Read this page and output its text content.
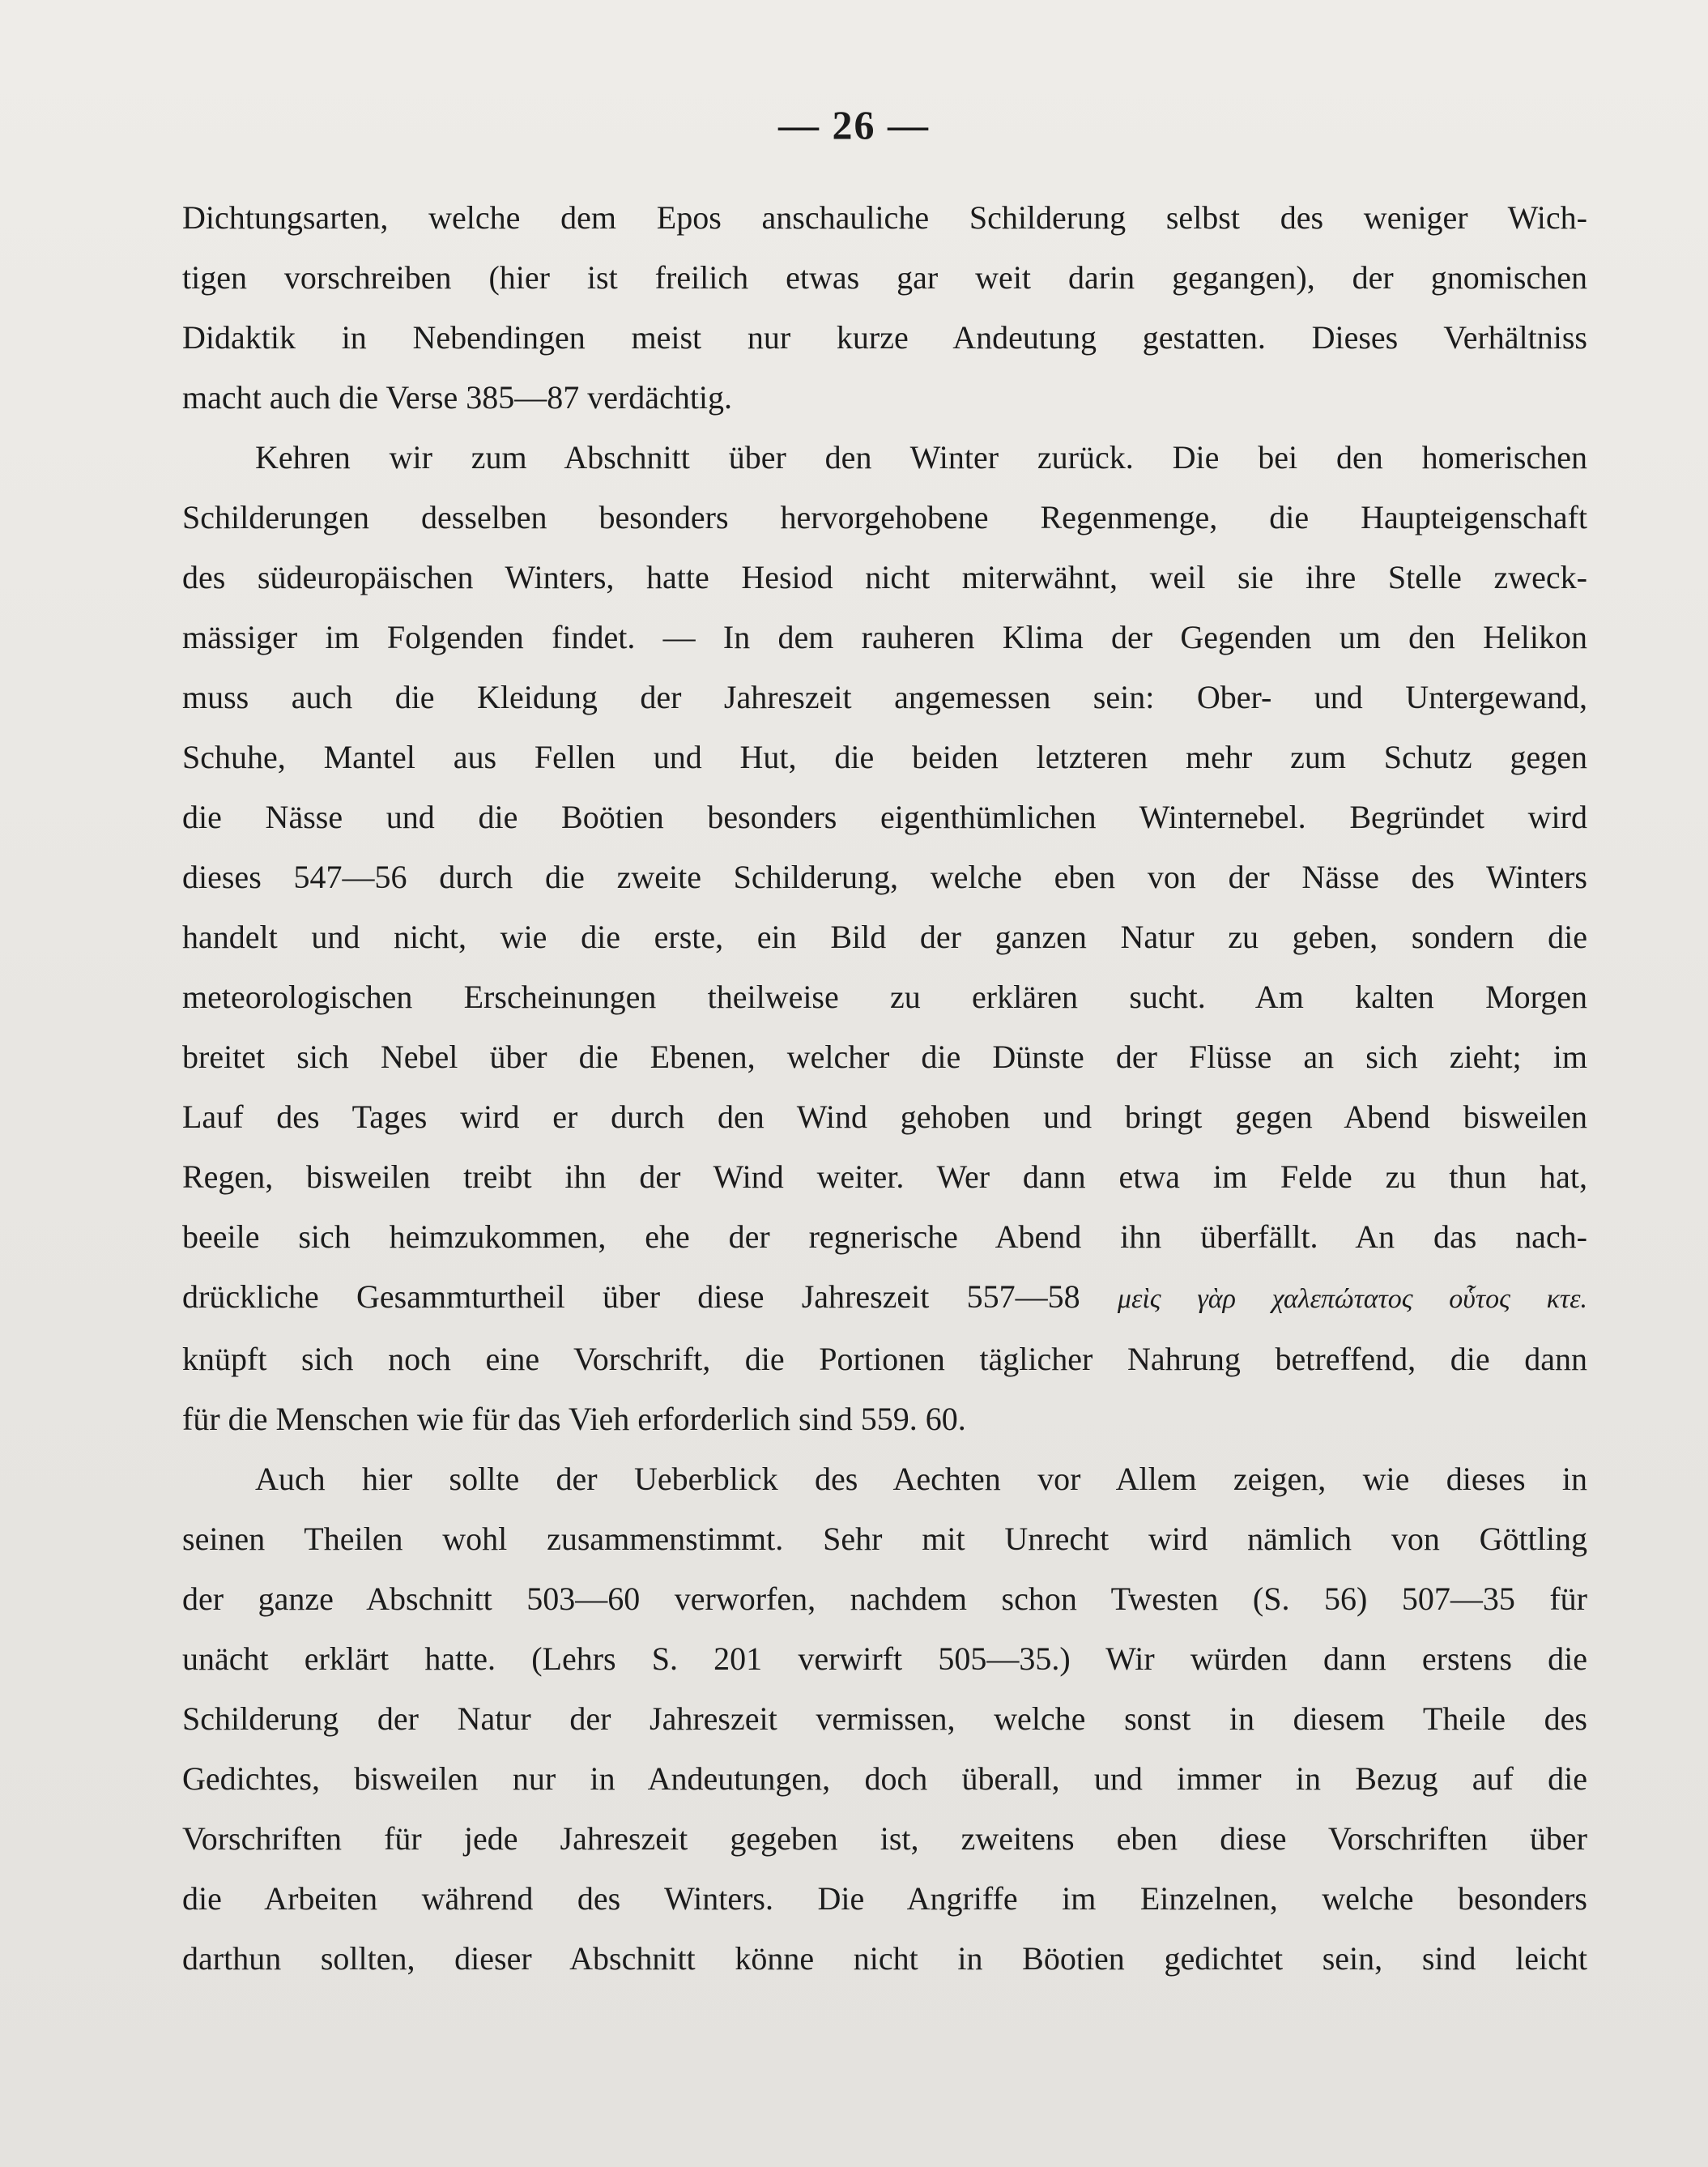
— 26 —

Dichtungsarten, welche dem Epos anschauliche Schilderung selbst des weniger Wich-
tigen vorschreiben (hier ist freilich etwas gar weit darin gegangen), der gnomischen
Didaktik in Nebendingen meist nur kurze Andeutung gestatten. Dieses Verhältniss
macht auch die Verse 385—87 verdächtig.

Kehren wir zum Abschnitt über den Winter zurück. Die bei den homerischen
Schilderungen desselben besonders hervorgehobene Regenmenge, die Haupteigenschaft
des südeuropäischen Winters, hatte Hesiod nicht miterwähnt, weil sie ihre Stelle zweck-
mässiger im Folgenden findet. — In dem rauheren Klima der Gegenden um den Helikon
muss auch die Kleidung der Jahreszeit angemessen sein: Ober- und Untergewand,
Schuhe, Mantel aus Fellen und Hut, die beiden letzteren mehr zum Schutz gegen
die Nässe und die Boötien besonders eigenthümlichen Winternebel. Begründet wird
dieses 547—56 durch die zweite Schilderung, welche eben von der Nässe des Winters
handelt und nicht, wie die erste, ein Bild der ganzen Natur zu geben, sondern die
meteorologischen Erscheinungen theilweise zu erklären sucht. Am kalten Morgen
breitet sich Nebel über die Ebenen, welcher die Dünste der Flüsse an sich zieht; im
Lauf des Tages wird er durch den Wind gehoben und bringt gegen Abend bisweilen
Regen, bisweilen treibt ihn der Wind weiter. Wer dann etwa im Felde zu thun hat,
beeile sich heimzukommen, ehe der regnerische Abend ihn überfällt. An das nach-
drückliche Gesammturtheil über diese Jahreszeit 557—58 μεὶς γὰρ χαλεπώτατος οὗτος κτε.
knüpft sich noch eine Vorschrift, die Portionen täglicher Nahrung betreffend, die dann
für die Menschen wie für das Vieh erforderlich sind 559. 60.

Auch hier sollte der Ueberblick des Aechten vor Allem zeigen, wie dieses in
seinen Theilen wohl zusammenstimmt. Sehr mit Unrecht wird nämlich von Göttling
der ganze Abschnitt 503—60 verworfen, nachdem schon Twesten (S. 56) 507—35 für
unächt erklärt hatte. (Lehrs S. 201 verwirft 505—35.) Wir würden dann erstens die
Schilderung der Natur der Jahreszeit vermissen, welche sonst in diesem Theile des
Gedichtes, bisweilen nur in Andeutungen, doch überall, und immer in Bezug auf die
Vorschriften für jede Jahreszeit gegeben ist, zweitens eben diese Vorschriften über
die Arbeiten während des Winters. Die Angriffe im Einzelnen, welche besonders
darthun sollten, dieser Abschnitt könne nicht in Böotien gedichtet sein, sind leicht
